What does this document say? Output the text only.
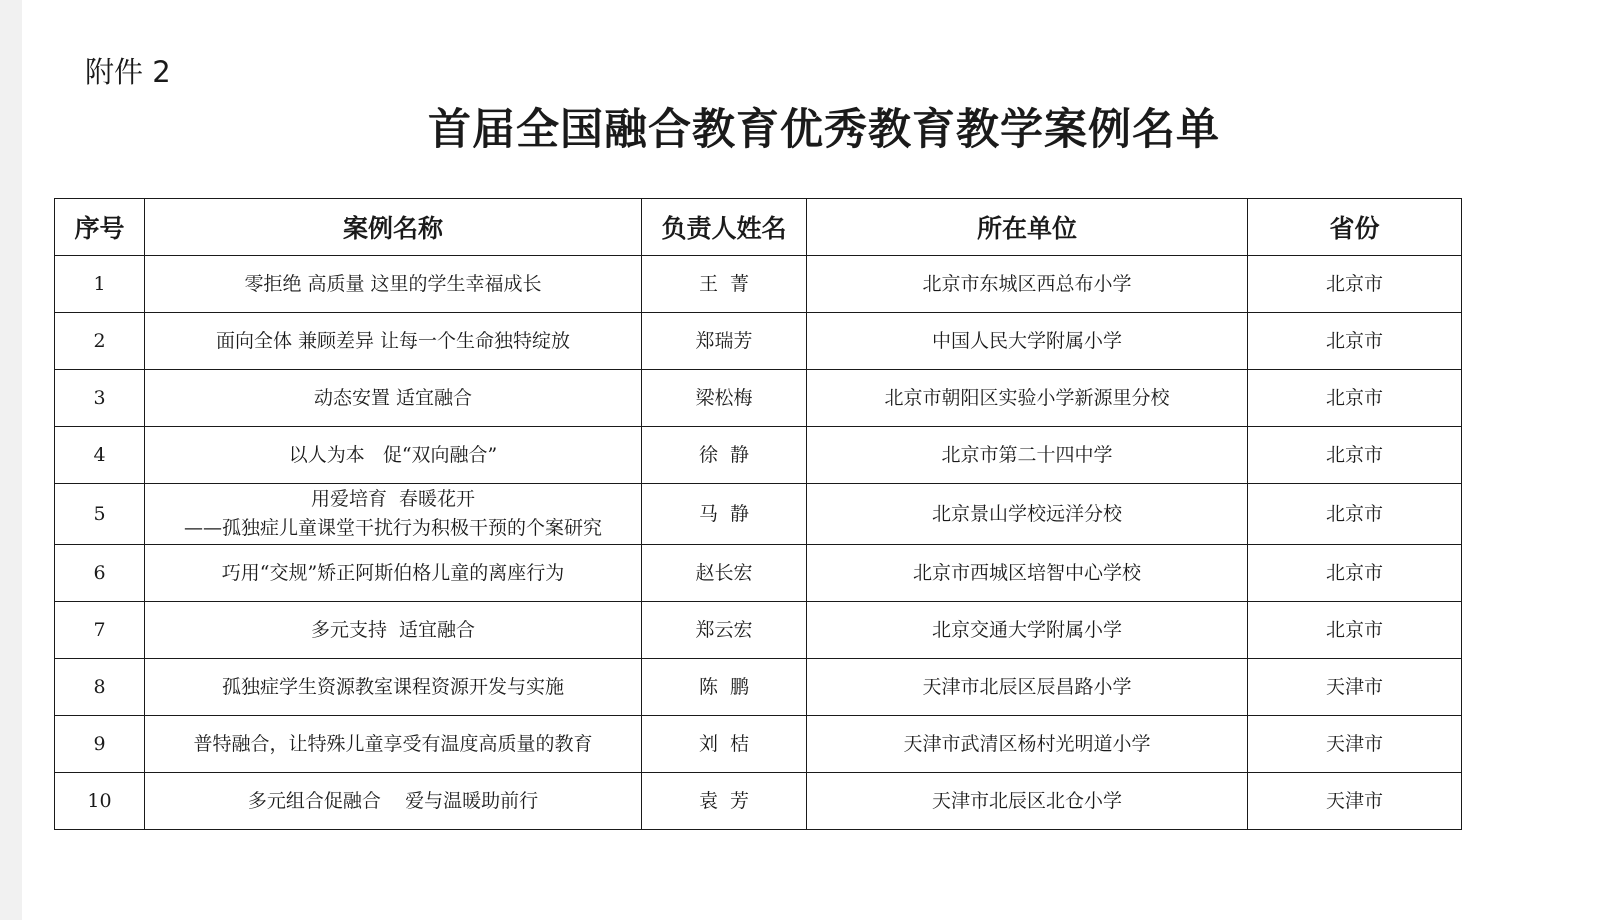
附件 2
首届全国融合教育优秀教育教学案例名单
序号	案例名称	负责人姓名	所在单位	省份
1	零拒绝 高质量 这里的学生幸福成长	王  菁	北京市东城区西总布小学	北京市
2	面向全体 兼顾差异 让每一个生命独特绽放	郑瑞芳	中国人民大学附属小学	北京市
3	动态安置 适宜融合	梁松梅	北京市朝阳区实验小学新源里分校	北京市
4	以人为本   促“双向融合”	徐  静	北京市第二十四中学	北京市
5	用爱培育  春暖花开
——孤独症儿童课堂干扰行为积极干预的个案研究	马  静	北京景山学校远洋分校	北京市
6	巧用“交规”矫正阿斯伯格儿童的离座行为	赵长宏	北京市西城区培智中心学校	北京市
7	多元支持  适宜融合	郑云宏	北京交通大学附属小学	北京市
8	孤独症学生资源教室课程资源开发与实施	陈  鹏	天津市北辰区辰昌路小学	天津市
9	普特融合，让特殊儿童享受有温度高质量的教育	刘  桔	天津市武清区杨村光明道小学	天津市
10	多元组合促融合    爱与温暖助前行	袁  芳	天津市北辰区北仓小学	天津市
